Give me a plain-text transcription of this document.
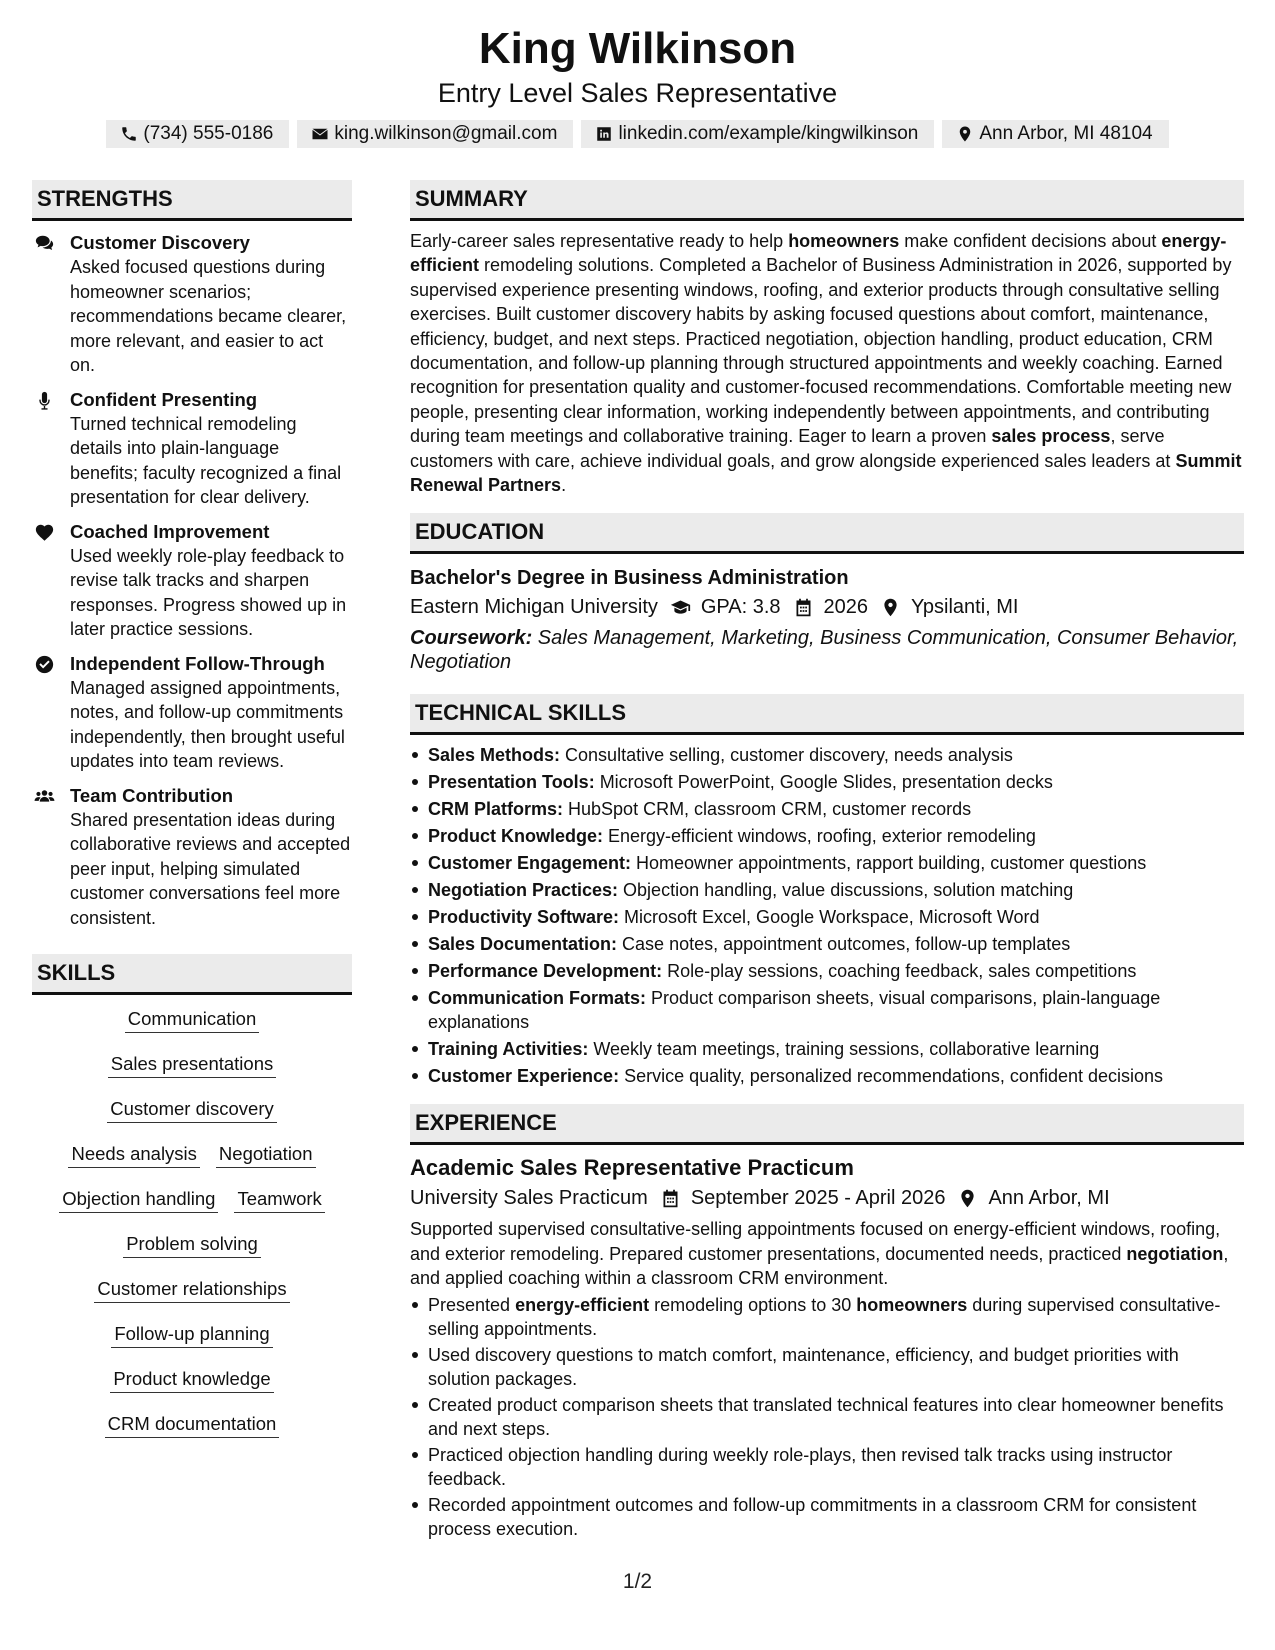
King Wilkinson
Entry Level Sales Representative
(734) 555-0186	king.wilkinson@gmail.com	linkedin.com/example/kingwilkinson	Ann Arbor, MI 48104
STRENGTHS
Customer Discovery
Asked focused questions during homeowner scenarios; recommendations became clearer, more relevant, and easier to act on.
Confident Presenting
Turned technical remodeling details into plain-language benefits; faculty recognized a final presentation for clear delivery.
Coached Improvement
Used weekly role-play feedback to revise talk tracks and sharpen responses. Progress showed up in later practice sessions.
Independent Follow-Through
Managed assigned appointments, notes, and follow-up commitments independently, then brought useful updates into team reviews.
Team Contribution
Shared presentation ideas during collaborative reviews and accepted peer input, helping simulated customer conversations feel more consistent.
SKILLS
Communication
Sales presentations
Customer discovery
Needs analysis Negotiation
Objection handling Teamwork
Problem solving
Customer relationships
Follow-up planning
Product knowledge
CRM documentation
SUMMARY

Early-career sales representative ready to help homeowners make confident decisions about energy-efficient remodeling solutions. Completed a Bachelor of Business Administration in 2026, supported by supervised experience presenting windows, roofing, and exterior products through consultative selling exercises. Built customer discovery habits by asking focused questions about comfort, maintenance, efficiency, budget, and next steps. Practiced negotiation, objection handling, product education, CRM documentation, and follow-up planning through structured appointments and weekly coaching. Earned recognition for presentation quality and customer-focused recommendations. Comfortable meeting new people, presenting clear information, working independently between appointments, and contributing during team meetings and collaborative training. Eager to learn a proven sales process, serve customers with care, achieve individual goals, and grow alongside experienced sales leaders at Summit Renewal Partners.

EDUCATION
Bachelor's Degree in Business Administration
Eastern Michigan University GPA: 3.8 2026 Ypsilanti, MI
Coursework: Sales Management, Marketing, Business Communication, Consumer Behavior, Negotiation
TECHNICAL SKILLS
Sales Methods: Consultative selling, customer discovery, needs analysis
Presentation Tools: Microsoft PowerPoint, Google Slides, presentation decks
CRM Platforms: HubSpot CRM, classroom CRM, customer records
Product Knowledge: Energy-efficient windows, roofing, exterior remodeling
Customer Engagement: Homeowner appointments, rapport building, customer questions
Negotiation Practices: Objection handling, value discussions, solution matching
Productivity Software: Microsoft Excel, Google Workspace, Microsoft Word
Sales Documentation: Case notes, appointment outcomes, follow-up templates
Performance Development: Role-play sessions, coaching feedback, sales competitions
Communication Formats: Product comparison sheets, visual comparisons, plain-language explanations
Training Activities: Weekly team meetings, training sessions, collaborative learning
Customer Experience: Service quality, personalized recommendations, confident decisions
EXPERIENCE
Academic Sales Representative Practicum
University Sales Practicum September 2025 - April 2026 Ann Arbor, MI

Supported supervised consultative-selling appointments focused on energy-efficient windows, roofing, and exterior remodeling. Prepared customer presentations, documented needs, practiced negotiation, and applied coaching within a classroom CRM environment.

Presented energy-efficient remodeling options to 30 homeowners during supervised consultative-selling appointments.
Used discovery questions to match comfort, maintenance, efficiency, and budget priorities with solution packages.
Created product comparison sheets that translated technical features into clear homeowner benefits and next steps.
Practiced objection handling during weekly role-plays, then revised talk tracks using instructor feedback.
Recorded appointment outcomes and follow-up commitments in a classroom CRM for consistent process execution.
1/2
